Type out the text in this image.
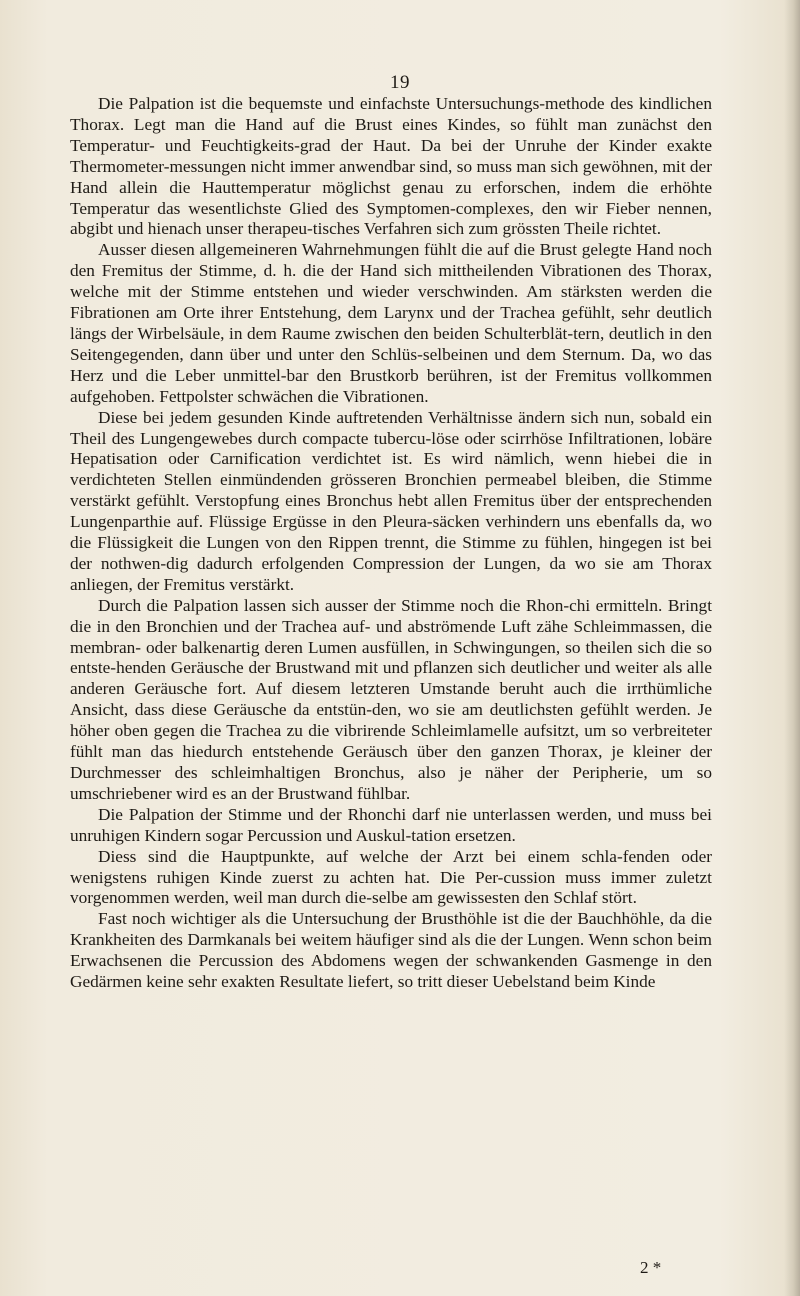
19

Die Palpation ist die bequemste und einfachste Untersuchungs-methode des kindlichen Thorax. Legt man die Hand auf die Brust eines Kindes, so fühlt man zunächst den Temperatur- und Feuchtigkeits-grad der Haut. Da bei der Unruhe der Kinder exakte Thermometer-messungen nicht immer anwendbar sind, so muss man sich gewöhnen, mit der Hand allein die Hauttemperatur möglichst genau zu erforschen, indem die erhöhte Temperatur das wesentlichste Glied des Symptomen-complexes, den wir Fieber nennen, abgibt und hienach unser therapeu-tisches Verfahren sich zum grössten Theile richtet.

Ausser diesen allgemeineren Wahrnehmungen fühlt die auf die Brust gelegte Hand noch den Fremitus der Stimme, d. h. die der Hand sich mittheilenden Vibrationen des Thorax, welche mit der Stimme entstehen und wieder verschwinden. Am stärksten werden die Fibrationen am Orte ihrer Entstehung, dem Larynx und der Trachea gefühlt, sehr deutlich längs der Wirbelsäule, in dem Raume zwischen den beiden Schulterblät-tern, deutlich in den Seitengegenden, dann über und unter den Schlüs-selbeinen und dem Sternum. Da, wo das Herz und die Leber unmittel-bar den Brustkorb berühren, ist der Fremitus vollkommen aufgehoben. Fettpolster schwächen die Vibrationen.

Diese bei jedem gesunden Kinde auftretenden Verhältnisse ändern sich nun, sobald ein Theil des Lungengewebes durch compacte tubercu-löse oder scirrhöse Infiltrationen, lobäre Hepatisation oder Carnification verdichtet ist. Es wird nämlich, wenn hiebei die in verdichteten Stellen einmündenden grösseren Bronchien permeabel bleiben, die Stimme verstärkt gefühlt. Verstopfung eines Bronchus hebt allen Fremitus über der entsprechenden Lungenparthie auf. Flüssige Ergüsse in den Pleura-säcken verhindern uns ebenfalls da, wo die Flüssigkeit die Lungen von den Rippen trennt, die Stimme zu fühlen, hingegen ist bei der nothwen-dig dadurch erfolgenden Compression der Lungen, da wo sie am Thorax anliegen, der Fremitus verstärkt.

Durch die Palpation lassen sich ausser der Stimme noch die Rhon-chi ermitteln. Bringt die in den Bronchien und der Trachea auf- und abströmende Luft zähe Schleimmassen, die membran- oder balkenartig deren Lumen ausfüllen, in Schwingungen, so theilen sich die so entste-henden Geräusche der Brustwand mit und pflanzen sich deutlicher und weiter als alle anderen Geräusche fort. Auf diesem letzteren Umstande beruht auch die irrthümliche Ansicht, dass diese Geräusche da entstün-den, wo sie am deutlichsten gefühlt werden. Je höher oben gegen die Trachea zu die vibrirende Schleimlamelle aufsitzt, um so verbreiteter fühlt man das hiedurch entstehende Geräusch über den ganzen Thorax, je kleiner der Durchmesser des schleimhaltigen Bronchus, also je näher der Peripherie, um so umschriebener wird es an der Brustwand fühlbar.

Die Palpation der Stimme und der Rhonchi darf nie unterlassen werden, und muss bei unruhigen Kindern sogar Percussion und Auskul-tation ersetzen.

Diess sind die Hauptpunkte, auf welche der Arzt bei einem schla-fenden oder wenigstens ruhigen Kinde zuerst zu achten hat. Die Per-cussion muss immer zuletzt vorgenommen werden, weil man durch die-selbe am gewissesten den Schlaf stört.

Fast noch wichtiger als die Untersuchung der Brusthöhle ist die der Bauchhöhle, da die Krankheiten des Darmkanals bei weitem häufiger sind als die der Lungen. Wenn schon beim Erwachsenen die Percussion des Abdomens wegen der schwankenden Gasmenge in den Gedärmen keine sehr exakten Resultate liefert, so tritt dieser Uebelstand beim Kinde

2 *
